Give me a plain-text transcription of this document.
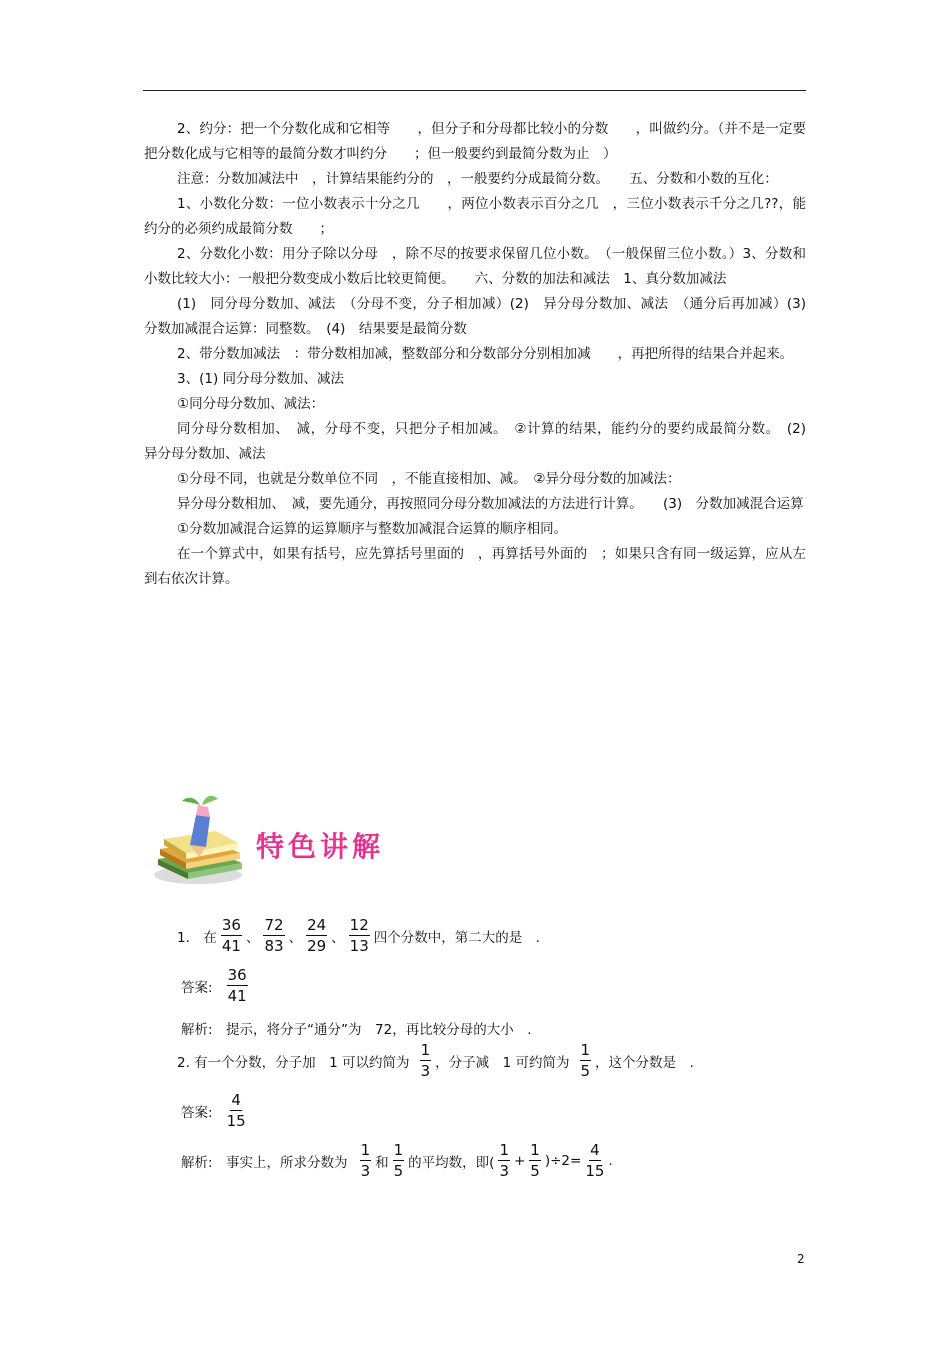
2、约分：把一个分数化成和它相等　　，但分子和分母都比较小的分数　　，叫做约分。（并不是一定要把分数化成与它相等的最简分数才叫约分　　；但一般要约到最简分数为止　）

注意：分数加减法中　，计算结果能约分的　，一般要约分成最简分数。　　五、分数和小数的互化：

1、小数化分数：一位小数表示十分之几　　，两位小数表示百分之几　，三位小数表示千分之几??，能约分的必须约成最简分数　　；

2、分数化小数：用分子除以分母　，除不尽的按要求保留几位小数。　（一般保留三位小数。）3、分数和小数比较大小：一般把分数变成小数后比较更简便。　　六、分数的加法和减法　1、真分数加减法

(1)　同分母分数加、减法　（分母不变，分子相加减）(2)　异分母分数加、减法　（通分后再加减）(3)　分数加减混合运算：同整数。　(4)　结果要是最简分数

2、带分数加减法　：带分数相加减，整数部分和分数部分分别相加减　　，再把所得的结果合并起来。

3、(1) 同分母分数加、减法

①同分母分数加、减法：

同分母分数相加、　减，分母不变，只把分子相加减。　②计算的结果，能约分的要约成最简分数。　(2)　异分母分数加、减法

①分母不同，也就是分数单位不同　，不能直接相加、减。　②异分母分数的加减法：

异分母分数相加、　减，要先通分，再按照同分母分数加减法的方法进行计算。　　(3)　分数加减混合运算

①分数加减混合运算的运算顺序与整数加减混合运算的顺序相同。

在一个算式中，如果有括号，应先算括号里面的　，再算括号外面的　；如果只含有同一级运算，应从左到右依次计算。

特色讲解
1.　在 $\frac{36}{41}$ 、 $\frac{72}{83}$ 、 $\frac{24}{29}$ 、 $\frac{12}{13}$ 四个分数中，第二大的是　.
答案: $\frac{36}{41}$
解析:　提示，将分子“通分”为　72，再比较分母的大小　.
2. 有一个分数，分子加　1 可以约简为 $\frac{1}{3}$ ，分子减　1 可约简为 $\frac{1}{5}$ ，这个分数是　.
答案: $\frac{4}{15}$
解析:　事实上，所求分数为 $\frac{1}{3}$ 和 $\frac{1}{5}$ 的平均数，即( $\frac{1}{3} + \frac{1}{5} )\div 2= \frac{4}{15}$ .
2
